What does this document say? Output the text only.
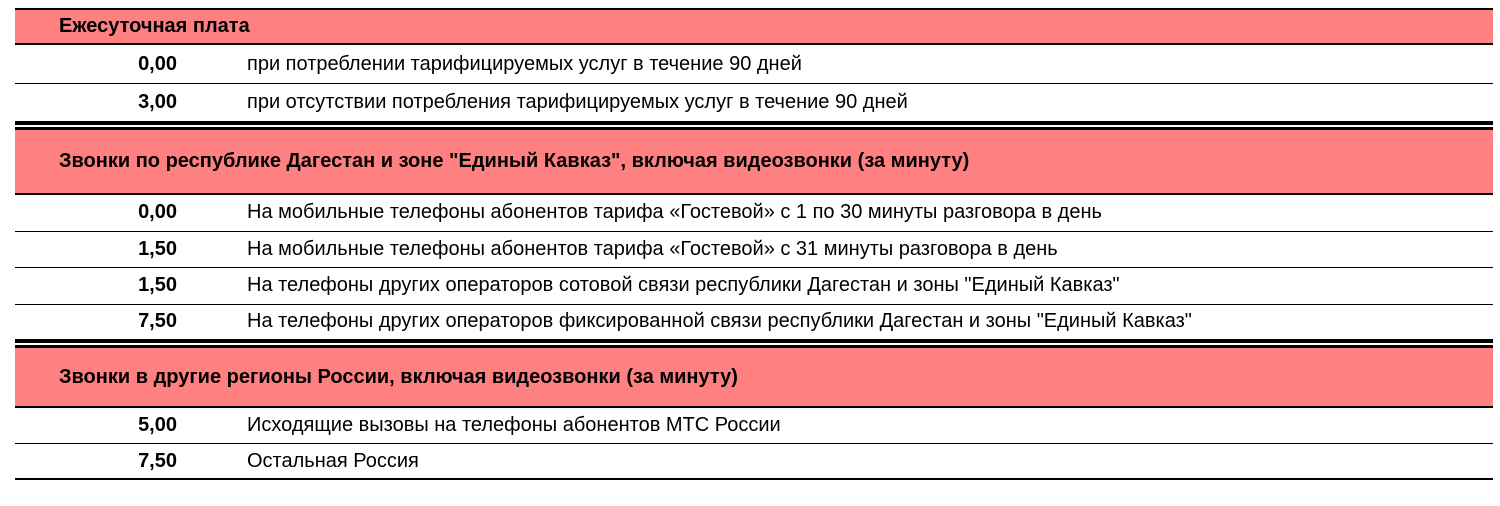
Ежесуточная плата
0,00	при потреблении тарифицируемых услуг в течение 90 дней
3,00	при отсутствии потребления тарифицируемых услуг в течение 90 дней
Звонки по республике Дагестан и зоне "Единый Кавказ", включая видеозвонки (за минуту)
0,00	На мобильные телефоны абонентов тарифа «Гостевой» с 1 по 30 минуты разговора в день
1,50	На мобильные телефоны абонентов тарифа «Гостевой» с 31 минуты разговора в день
1,50	На телефоны других операторов сотовой связи республики Дагестан и зоны "Единый Кавказ"
7,50	На телефоны других операторов фиксированной связи республики Дагестан и зоны "Единый Кавказ"
Звонки в другие регионы России, включая видеозвонки (за минуту)
5,00	Исходящие вызовы на телефоны абонентов МТС России
7,50	Остальная Россия
